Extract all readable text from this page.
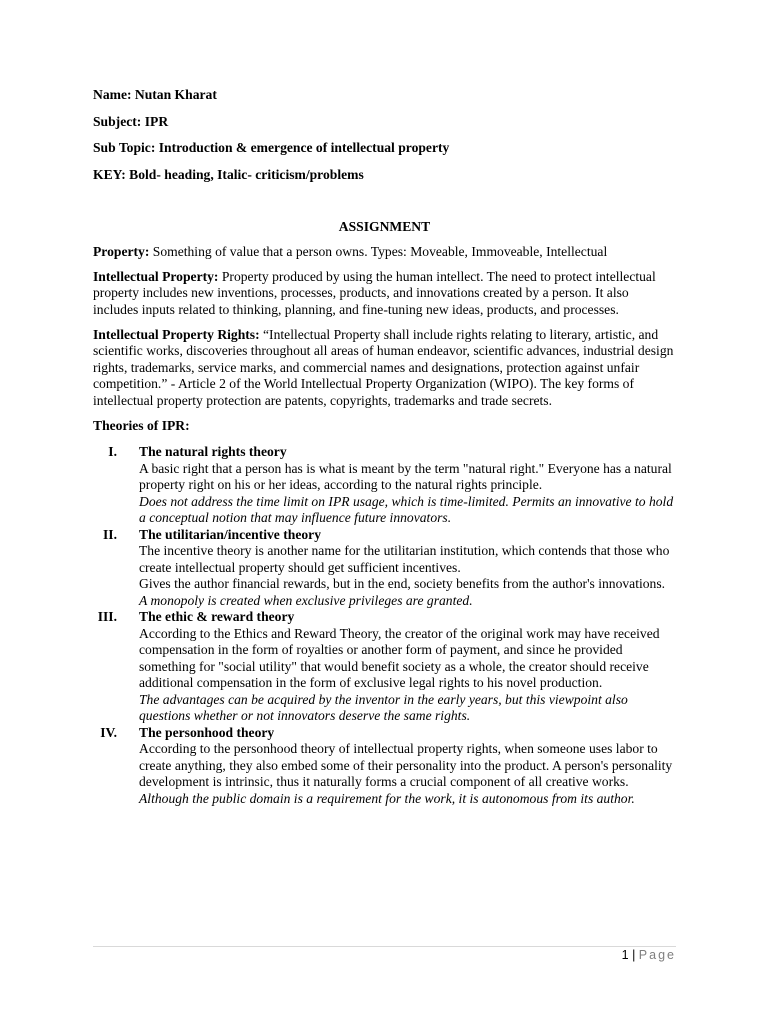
Name: Nutan Kharat
Subject: IPR
Sub Topic: Introduction & emergence of intellectual property
KEY: Bold- heading, Italic- criticism/problems
ASSIGNMENT

Property: Something of value that a person owns. Types: Moveable, Immoveable, Intellectual

Intellectual Property: Property produced by using the human intellect. The need to protect intellectual property includes new inventions, processes, products, and innovations created by a person. It also includes inputs related to thinking, planning, and fine-tuning new ideas, products, and processes.

Intellectual Property Rights: “Intellectual Property shall include rights relating to literary, artistic, and scientific works, discoveries throughout all areas of human endeavor, scientific advances, industrial design rights, trademarks, service marks, and commercial names and designations, protection against unfair competition.” - Article 2 of the World Intellectual Property Organization (WIPO). The key forms of intellectual property protection are patents, copyrights, trademarks and trade secrets.

Theories of IPR:
I. The natural rights theory
A basic right that a person has is what is meant by the term "natural right." Everyone has a natural property right on his or her ideas, according to the natural rights principle.
Does not address the time limit on IPR usage, which is time-limited. Permits an innovative to hold a conceptual notion that may influence future innovators.
II. The utilitarian/incentive theory
The incentive theory is another name for the utilitarian institution, which contends that those who create intellectual property should get sufficient incentives.
Gives the author financial rewards, but in the end, society benefits from the author's innovations.
A monopoly is created when exclusive privileges are granted.
III. The ethic & reward theory
According to the Ethics and Reward Theory, the creator of the original work may have received compensation in the form of royalties or another form of payment, and since he provided something for "social utility" that would benefit society as a whole, the creator should receive additional compensation in the form of exclusive legal rights to his novel production.
The advantages can be acquired by the inventor in the early years, but this viewpoint also questions whether or not innovators deserve the same rights.
IV. The personhood theory
According to the personhood theory of intellectual property rights, when someone uses labor to create anything, they also embed some of their personality into the product. A person's personality development is intrinsic, thus it naturally forms a crucial component of all creative works.
Although the public domain is a requirement for the work, it is autonomous from its author.
1 | Page
